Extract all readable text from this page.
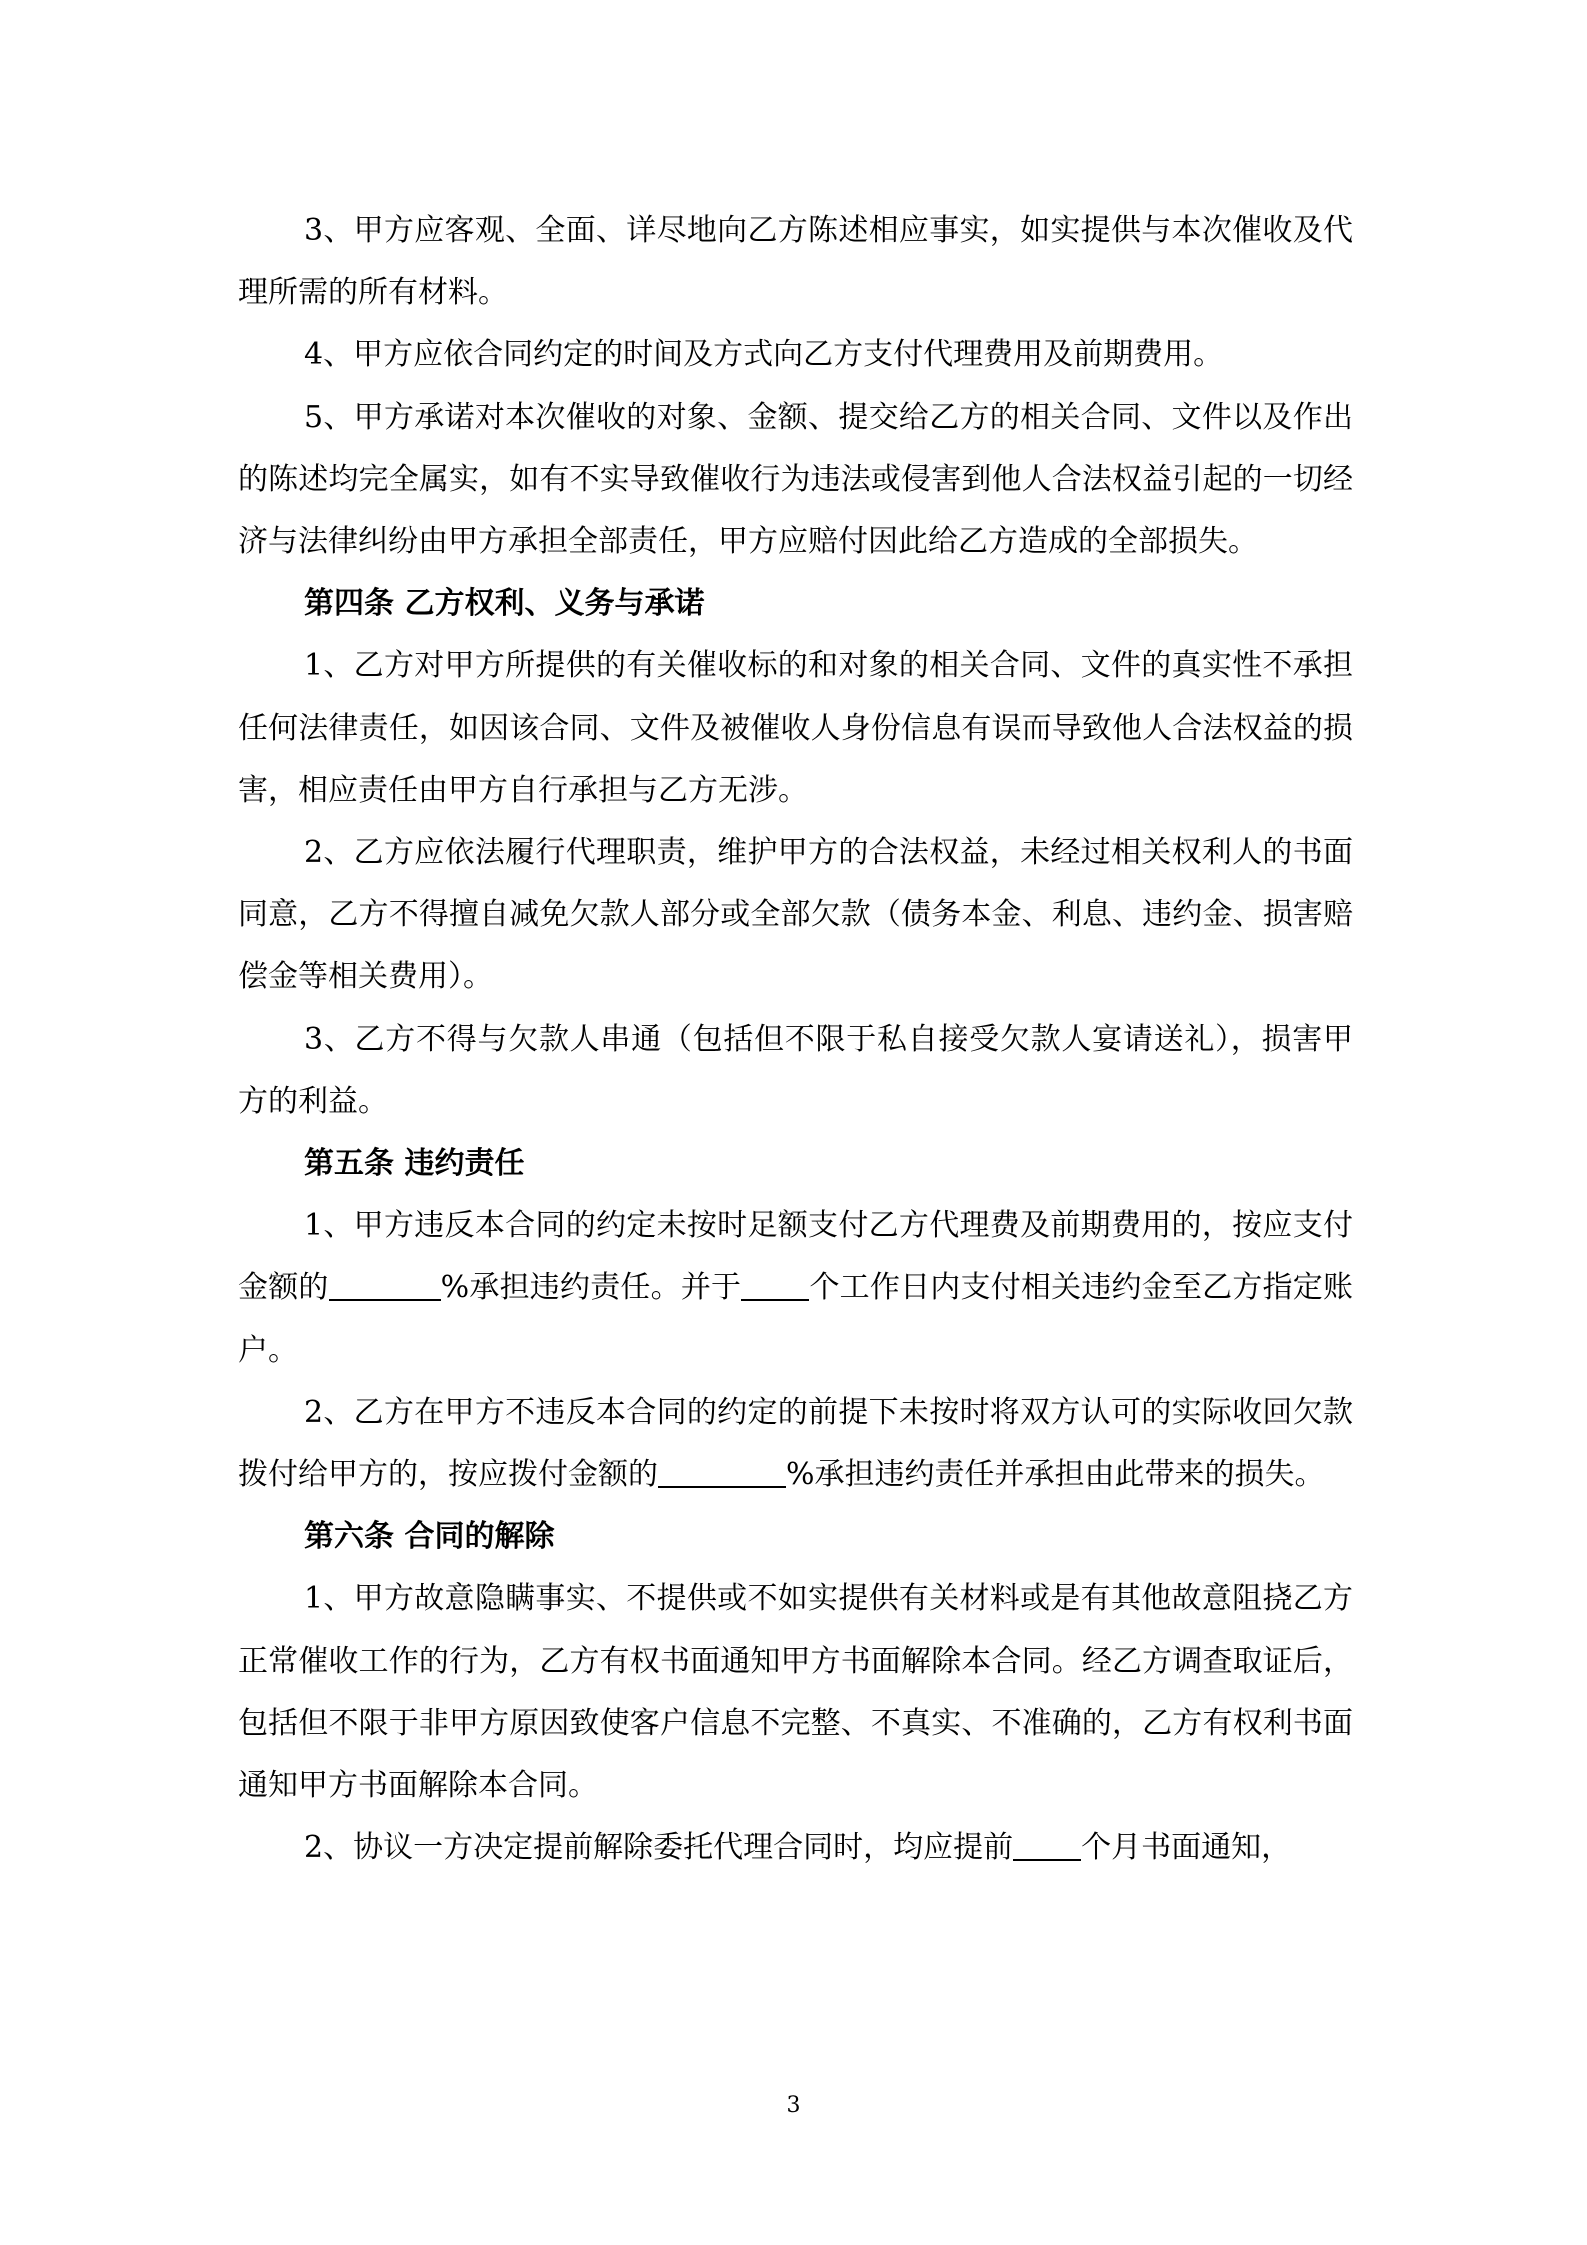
3、甲方应客观、全面、详尽地向乙方陈述相应事实，如实提供与本次催收及代理所需的所有材料。

4、甲方应依合同约定的时间及方式向乙方支付代理费用及前期费用。

5、甲方承诺对本次催收的对象、金额、提交给乙方的相关合同、文件以及作出的陈述均完全属实，如有不实导致催收行为违法或侵害到他人合法权益引起的一切经济与法律纠纷由甲方承担全部责任，甲方应赔付因此给乙方造成的全部损失。

第四条 乙方权利、义务与承诺

1、乙方对甲方所提供的有关催收标的和对象的相关合同、文件的真实性不承担任何法律责任，如因该合同、文件及被催收人身份信息有误而导致他人合法权益的损害，相应责任由甲方自行承担与乙方无涉。

2、乙方应依法履行代理职责，维护甲方的合法权益，未经过相关权利人的书面同意，乙方不得擅自减免欠款人部分或全部欠款（债务本金、利息、违约金、损害赔偿金等相关费用）。

3、乙方不得与欠款人串通（包括但不限于私自接受欠款人宴请送礼），损害甲方的利益。

第五条 违约责任

1、甲方违反本合同的约定未按时足额支付乙方代理费及前期费用的，按应支付金额的	%承担违约责任。并于 个工作日内支付相关违约金至乙方指定账户。

2、乙方在甲方不违反本合同的约定的前提下未按时将双方认可的实际收回欠款拨付给甲方的，按应拨付金额的	%承担违约责任并承担由此带来的损失。

第六条 合同的解除

1、甲方故意隐瞒事实、不提供或不如实提供有关材料或是有其他故意阻挠乙方正常催收工作的行为，乙方有权书面通知甲方书面解除本合同。经乙方调查取证后，包括但不限于非甲方原因致使客户信息不完整、不真实、不准确的，乙方有权利书面通知甲方书面解除本合同。

2、协议一方决定提前解除委托代理合同时，均应提前 个月书面通知，

3
